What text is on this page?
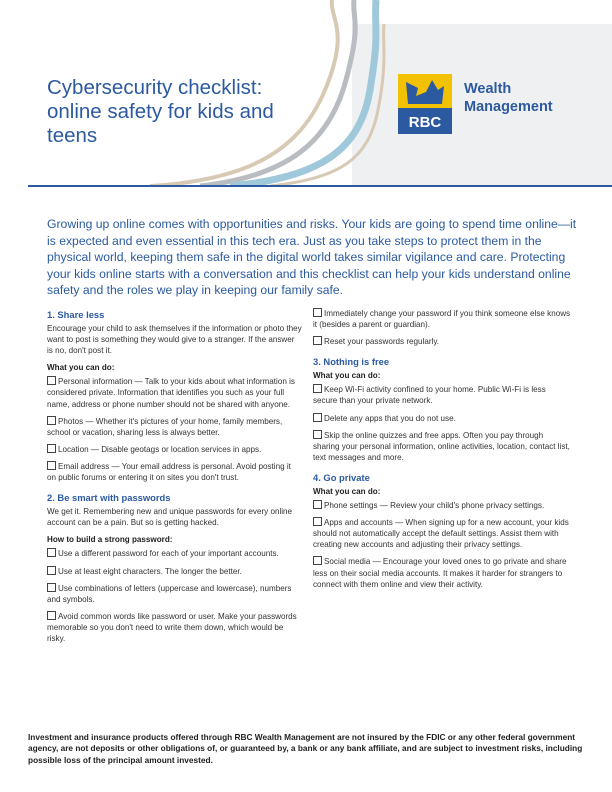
Cybersecurity checklist: online safety for kids and teens
RBC
Wealth
Management
Growing up online comes with opportunities and risks. Your kids are going to spend time online—it is expected and even essential in this tech era. Just as you take steps to protect them in the physical world, keeping them safe in the digital world takes similar vigilance and care. Protecting your kids online starts with a conversation and this checklist can help your kids understand online safety and the roles we play in keeping our family safe.
1. Share less

Encourage your child to ask themselves if the information or photo they want to post is something they would give to a stranger. If the answer is no, don't post it.

What you can do:

Personal information — Talk to your kids about what information is considered private. Information that identifies you such as your full name, address or phone number should not be shared with anyone.
Photos — Whether it's pictures of your home, family members, school or vacation, sharing less is always better.
Location — Disable geotags or location services in apps.
Email address — Your email address is personal. Avoid posting it on public forums or entering it on sites you don't trust.
2. Be smart with passwords

We get it. Remembering new and unique passwords for every online account can be a pain. But so is getting hacked.

How to build a strong password:

Use a different password for each of your important accounts.
Use at least eight characters. The longer the better.
Use combinations of letters (uppercase and lowercase), numbers and symbols.
Avoid common words like password or user. Make your passwords memorable so you don't need to write them down, which would be risky.
Immediately change your password if you think someone else knows it (besides a parent or guardian).
Reset your passwords regularly.
3. Nothing is free

What you can do:

Keep Wi-Fi activity confined to your home. Public Wi-Fi is less secure than your private network.
Delete any apps that you do not use.
Skip the online quizzes and free apps. Often you pay through sharing your personal information, online activities, location, contact list, text messages and more.
4. Go private

What you can do:

Phone settings — Review your child's phone privacy settings.
Apps and accounts — When signing up for a new account, your kids should not automatically accept the default settings. Assist them with creating new accounts and adjusting their privacy settings.
Social media — Encourage your loved ones to go private and share less on their social media accounts. It makes it harder for strangers to connect with them online and view their activity.
Investment and insurance products offered through RBC Wealth Management are not insured by the FDIC or any other federal government agency, are not deposits or other obligations of, or guaranteed by, a bank or any bank affiliate, and are subject to investment risks, including possible loss of the principal amount invested.
